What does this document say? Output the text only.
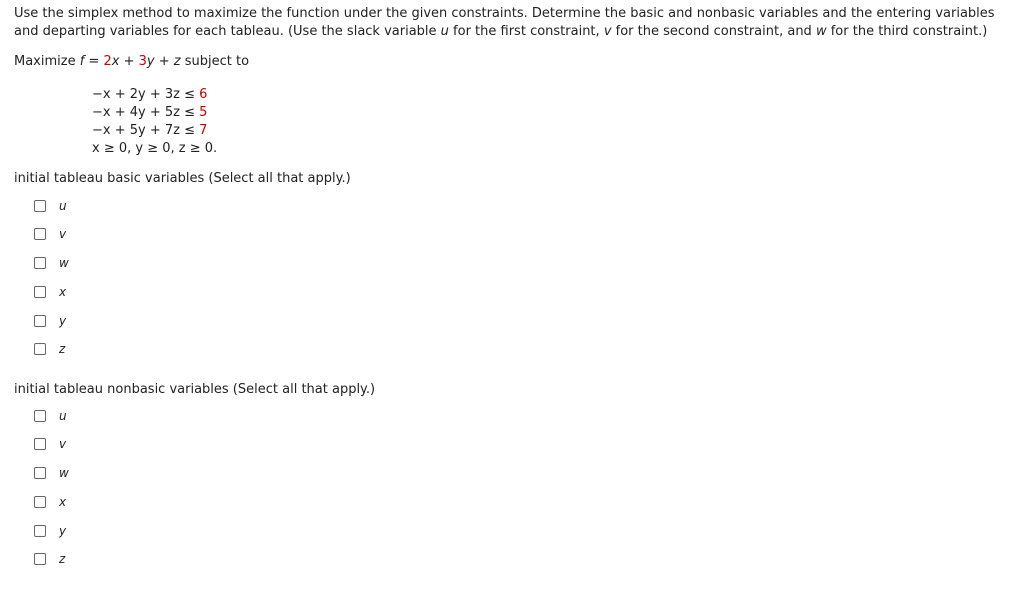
Use the simplex method to maximize the function under the given constraints. Determine the basic and nonbasic variables and the entering variables
and departing variables for each tableau. (Use the slack variable u for the first constraint, v for the second constraint, and w for the third constraint.)
Maximize f = 2x + 3y + z subject to
−x + 2y + 3z ≤ 6
−x + 4y + 5z ≤ 5
−x + 5y + 7z ≤ 7
x ≥ 0, y ≥ 0, z ≥ 0.
initial tableau basic variables (Select all that apply.)
u
v
w
x
y
z
initial tableau nonbasic variables (Select all that apply.)
u
v
w
x
y
z
